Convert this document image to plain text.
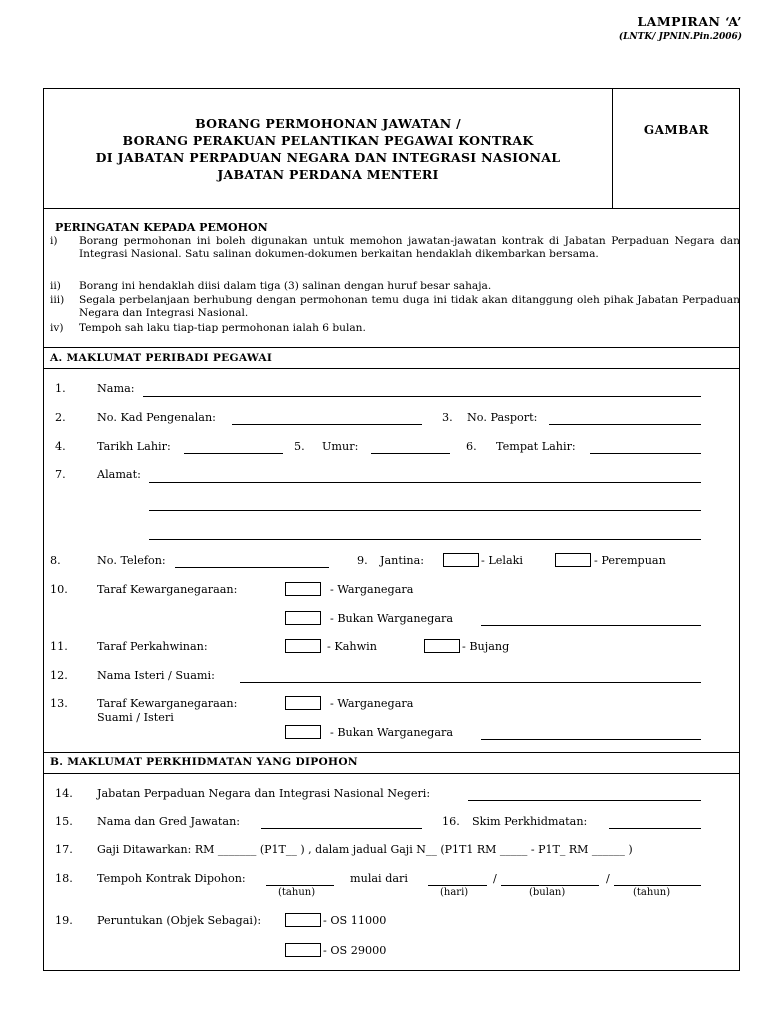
LAMPIRAN ‘A’
(LNTK/ JPNIN.Pin.2006)
BORANG PERMOHONAN JAWATAN /
BORANG PERAKUAN PELANTIKAN PEGAWAI KONTRAK
DI JABATAN PERPADUAN NEGARA DAN INTEGRASI NASIONAL
JABATAN PERDANA MENTERI
GAMBAR
PERINGATAN KEPADA PEMOHON
i) Borang permohonan ini boleh digunakan untuk memohon jawatan-jawatan kontrak di Jabatan Perpaduan Negara dan Integrasi Nasional. Satu salinan dokumen-dokumen berkaitan hendaklah dikembarkan bersama.
ii) Borang ini hendaklah diisi dalam tiga (3) salinan dengan huruf besar sahaja.
iii) Segala perbelanjaan berhubung dengan permohonan temu duga ini tidak akan ditanggung oleh pihak Jabatan Perpaduan Negara dan Integrasi Nasional.
iv) Tempoh sah laku tiap-tiap permohonan ialah 6 bulan.
A. MAKLUMAT PERIBADI PEGAWAI
1.	Nama:
2.	No. Kad Pengenalan:	3. No. Pasport:
4.	Tarikh Lahir:	5. Umur:	6. Tempat Lahir:
7.	Alamat:
8.	No. Telefon:	9. Jantina:	- Lelaki	- Perempuan
10.	Taraf Kewarganegaraan:	- Warganegara
- Bukan Warganegara
11.	Taraf Perkahwinan:	- Kahwin	- Bujang
12.	Nama Isteri / Suami:
13.	Taraf Kewarganegaraan:
Suami / Isteri
- Warganegara
- Bukan Warganegara
B. MAKLUMAT PERKHIDMATAN YANG DIPOHON
14. Jabatan Perpaduan Negara dan Integrasi Nasional Negeri:
15. Nama dan Gred Jawatan:	16. Skim Perkhidmatan:
17. Gaji Ditawarkan: RM _______ (P1T__ ) , dalam jadual Gaji N__ (P1T1 RM _____ - P1T_ RM ______ )
18. Tempoh Kontrak Dipohon:	mulai dari	/	/
(tahun)	(hari)	(bulan)	(tahun)
19. Peruntukan (Objek Sebagai):	- OS 11000
- OS 29000
